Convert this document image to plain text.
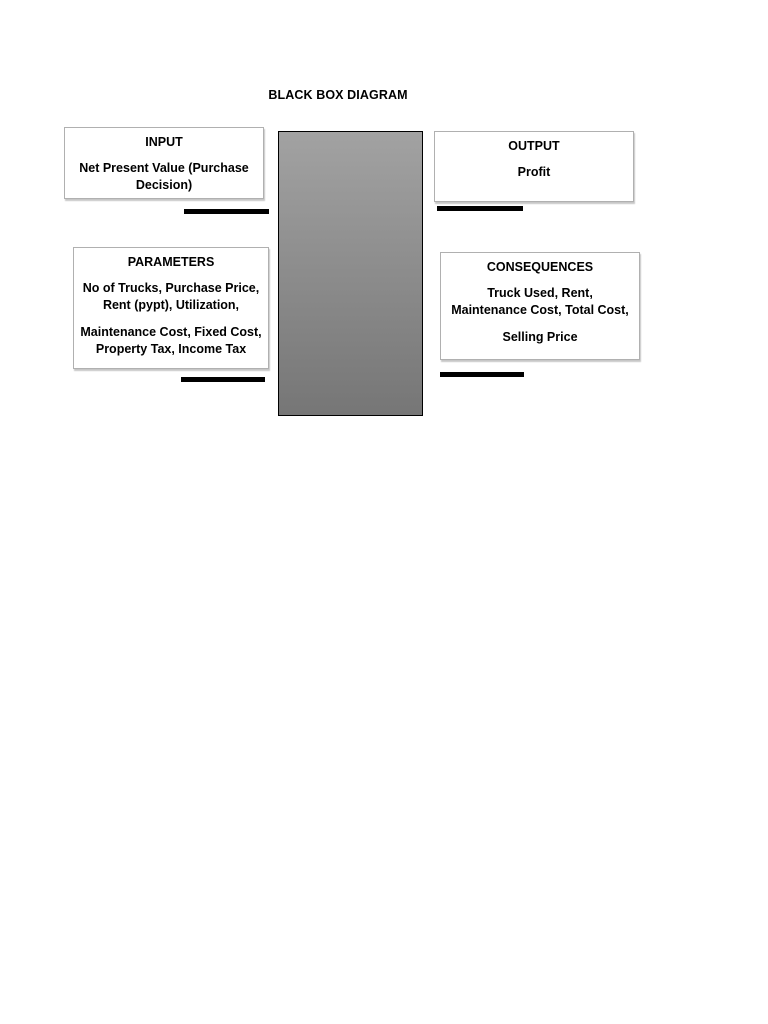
BLACK BOX DIAGRAM
INPUT
Net Present Value (Purchase
Decision)
OUTPUT
Profit
PARAMETERS
No of Trucks, Purchase Price,
Rent (pypt), Utilization,
Maintenance Cost, Fixed Cost,
Property Tax, Income Tax
CONSEQUENCES
Truck Used, Rent,
Maintenance Cost, Total Cost,
Selling Price
